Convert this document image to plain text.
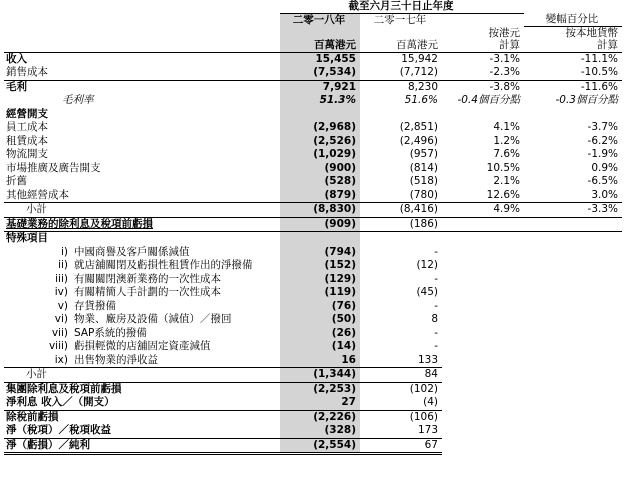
	截至六月三十日止年度			
	二零一八年	二零一七年		變幅百分比
			按港元	按本地貨幣
	百萬港元	百萬港元	計算	計算
收入	15,455	15,942	-3.1%	-11.1%
銷售成本	(7,534)	(7,712)	-2.3%	-10.5%
毛利	7,921	8,230	-3.8%	-11.6%
毛利率	51.3%	51.6%	-0.4個百分點	-0.3個百分點
經營開支				
員工成本	(2,968)	(2,851)	4.1%	-3.7%
租賃成本	(2,526)	(2,496)	1.2%	-6.2%
物流開支	(1,029)	(957)	7.6%	-1.9%
市場推廣及廣告開支	(900)	(814)	10.5%	0.9%
折舊	(528)	(518)	2.1%	-6.5%
其他經營成本	(879)	(780)	12.6%	3.0%
小計	(8,830)	(8,416)	4.9%	-3.3%
基礎業務的除利息及稅項前虧損	(909)	(186)		
特殊項目				
i) 中國商譽及客戶關係減值	(794)	-		
ii) 就店舖關閉及虧損性租賃作出的淨撥備	(152)	(12)		
iii) 有關關閉澳新業務的一次性成本	(129)	-		
iv) 有關精簡人手計劃的一次性成本	(119)	(45)		
v) 存貨撥備	(76)	-		
vi) 物業、廠房及設備（減值）／撥回	(50)	8		
vii) SAP系統的撥備	(26)	-		
viii) 虧損輕微的店舖固定資產減值	(14)	-		
ix) 出售物業的淨收益	16	133		
小計	(1,344)	84		
集團除利息及稅項前虧損	(2,253)	(102)		
淨利息 收入／（開支）	27	(4)		
除稅前虧損	(2,226)	(106)		
淨（稅項）／稅項收益	(328)	173		
淨（虧損）／純利	(2,554)	67		
